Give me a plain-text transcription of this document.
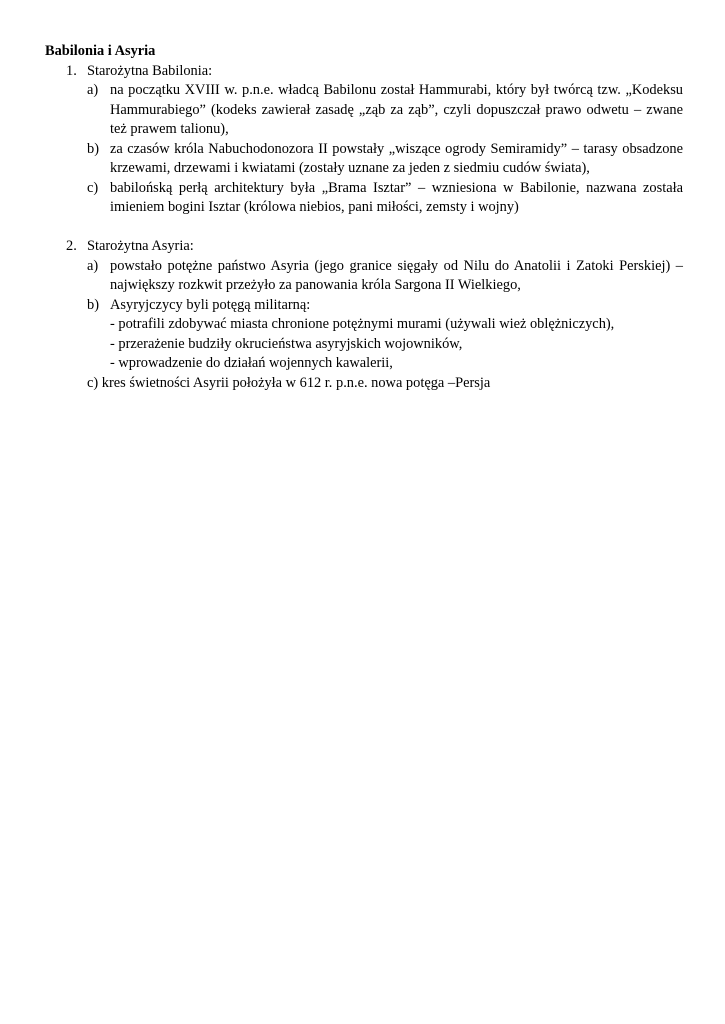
Babilonia i Asyria
1. Starożytna Babilonia:
a) na początku XVIII w. p.n.e. władcą Babilonu został Hammurabi, który był twórcą tzw. „Kodeksu Hammurabiego” (kodeks zawierał zasadę „ząb za ząb”, czyli dopuszczał prawo odwetu – zwane też prawem talionu),
b) za czasów króla Nabuchodonozora II powstały „wiszące ogrody Semiramidy” – tarasy obsadzone krzewami, drzewami i kwiatami (zostały uznane za jeden z siedmiu cudów świata),
c) babilońską perłą architektury była „Brama Isztar” – wzniesiona w Babilonie, nazwana została imieniem bogini Isztar (królowa niebios, pani miłości, zemsty i wojny)
2. Starożytna Asyria:
a) powstało potężne państwo Asyria (jego granice sięgały od Nilu do Anatolii i Zatoki Perskiej) – największy rozkwit przeżyło za panowania króla Sargona II Wielkiego,
b) Asyryjczycy byli potęgą militarną:
- potrafili zdobywać miasta chronione potężnymi murami (używali wież oblężniczych),
- przerażenie budziły okrucieństwa asyryjskich wojowników,
- wprowadzenie do działań wojennych kawalerii,
c) kres świetności Asyrii położyła w 612 r. p.n.e. nowa potęga –Persja
